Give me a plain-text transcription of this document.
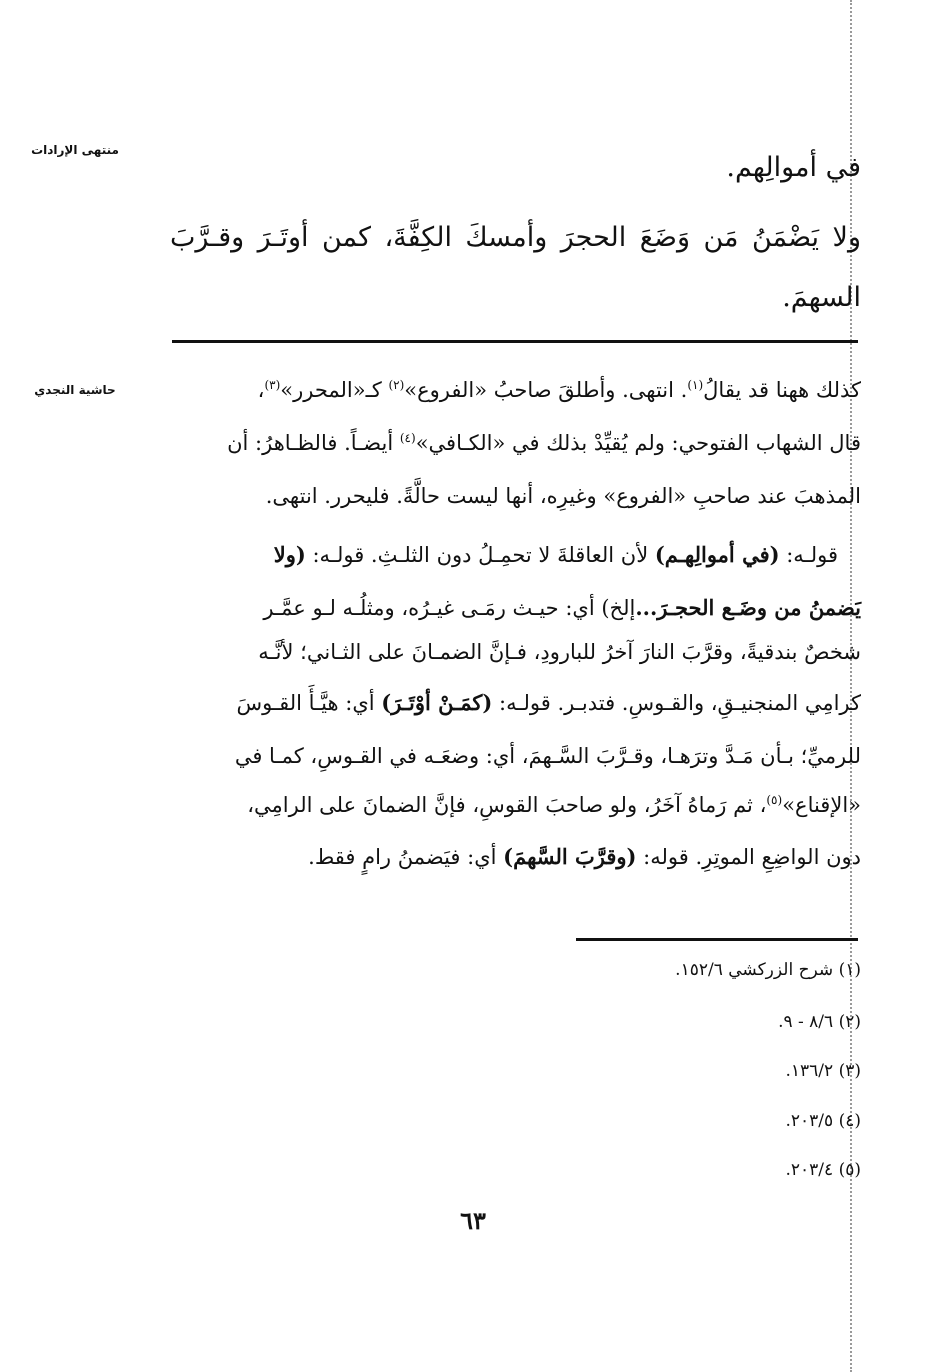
منتهى الإرادات
حاشية النجدي
في أموالِهم.
ولا يَضْمَنُ مَن وَضَعَ الحجرَ وأمسكَ الكِفَّةَ، كمن أوتَـرَ وقـرَّبَ
السهمَ.
كذلك ههنا قد يقالُ$^{(١)}$. انتهى. وأطلقَ صاحبُ «الفروع»$^{(٢)}$ كـ«المحرر»$^{(٣)}$،
قال الشهاب الفتوحي: ولم يُقيِّدْ بذلك في «الكـافي»$^{(٤)}$ أيضـاً. فالظـاهرُ: أن
المذهبَ عند صاحبِ «الفروع» وغيرِه، أنها ليست حالَّةً. فليحرر. انتهى.
قولـه: (في أموالِهـم) لأن العاقلةَ لا تحمِـلُ دون الثلـثِ. قولـه: (ولا
يَضمنُ من وضَـع الحجـرَ...إلخ) أي: حيـث رمَـى غيـرُه، ومثلُـه لـو عمَّـر
شخصٌ بندقيةً، وقرَّبَ النارَ آخرُ للبارودِ، فـإنَّ الضمـانَ على الثـاني؛ لأنَّـه
كرامِي المنجنيـقِ، والقـوسِ. فتدبـر. قولـه: (كمَـنْ أوْتَـرَ) أي: هيَّـأَ القـوسَ
للرميِّ؛ بـأن مَـدَّ وترَهـا، وقـرَّبَ السَّـهمَ، أي: وضعَـه في القـوسِ، كمـا في
«الإقناع»$^{(٥)}$، ثم رَماهُ آخَرُ، ولو صاحبَ القوسِ، فإنَّ الضمانَ على الرامِي،
دون الواضِعِ الموتِرِ. قوله: (وقرَّبَ السَّهمَ) أي: فيَضمنُ رامٍ فقط.
(١) شرح الزركشي ١٥٢/٦.
(٢) ٨/٦ - ٩.
(٣) ١٣٦/٢.
(٤) ٢٠٣/٥.
(٥) ٢٠٣/٤.
٦٣
